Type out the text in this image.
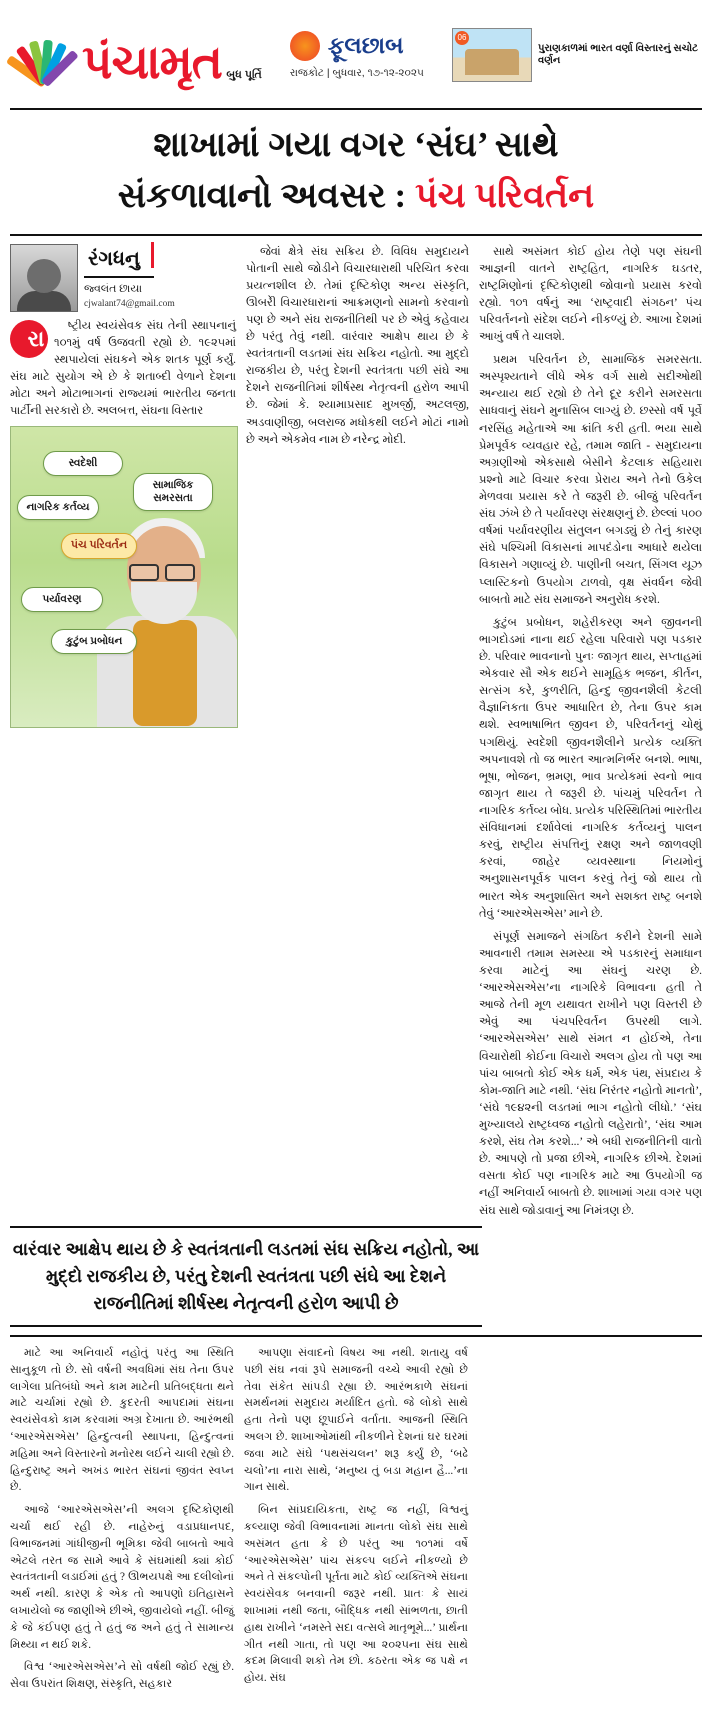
પંચામૃત બુધ પૂર્તિ
ફૂલછાબ
રાજકોટ | બુધવાર, ૧૭-૧૨-૨૦૨૫
06
પુરાણકાળમાં ભારત વર્ણા વિસ્તારનું સચોટ વર્ણન
શાખામાં ગયા વગર ‘સંઘ’ સાથે
સંકળાવાનો અવસર : પંચ પરિવર્તન
રંગધનુ
જ્વલંત છાયા
cjwalant74@gmail.com

રા	ષ્ટ્રીય સ્વયંસેવક સંઘ તેની સ્થાપનાનું ૧૦૧મું વર્ષ ઉજવતી રહ્યો છે. ૧૯૨૫માં સ્થપાયેલાં સંઘકને એક શતક પૂર્ણ કર્યું. સંઘ માટે સુયોગ એ છે કે શતાબ્દી વેળાને દેશના મોટા અને મોટાભાગનાં રાજ્યમાં ભારતીય જનતા પાર્ટીની સરકારો છે. અલબત્ત, સંઘના વિસ્તાર

સ્વદેશી
નાગરિક કર્તવ્ય
પંચ પરિવર્તન
પર્યાવરણ
કુટુંબ પ્રબોધન
સામાજિક સમરસતા

જેવાં ક્ષેત્રે સંઘ સક્રિય છે. વિવિધ સમુદાયને પોતાની સાથે જોડીને વિચારધારાથી પરિચિત કરવા પ્રયત્નશીલ છે. તેમાં દૃષ્ટિકોણ અન્ય સંસ્કૃતિ, ઊબરેી વિચારધારાનાં આક્રમણનો સામનો કરવાનો પણ છે અને સંઘ રાજનીતિથી પર છે એવું કહેવાય છે પરંતુ તેવું નથી. વારંવાર આક્ષેપ થાય છે કે સ્વતંત્રતાની લડતમાં સંઘ સક્રિય નહોતો. આ મુદ્દો રાજકીય છે, પરંતુ દેશની સ્વતંત્રતા પછી સંઘે આ દેશને રાજનીતિમાં શીર્ષસ્થ નેતૃત્વની હરોળ આપી છે. જેમાં કે. શ્યામાપ્રસાદ મુખર્જી, અટલજી, અડવાણીજી, બલરાજ મધોકથી લઈને મોટાં નામો છે અને એકમેવ નામ છે નરેન્દ્ર મોદી.

સાથે અસંમત કોઈ હોય તેણે પણ સંઘની આજ્ઞની વાતને રાષ્ટ્રહિત, નાગરિક ઘડતર, રાષ્ટ્રમિણોનાં દૃષ્ટિકોણથી જોવાનો પ્રયાસ કરવો રહ્યો. ૧૦૧ વર્ષનું આ ‘રાષ્ટ્રવાદી સંગઠન’ પંચ પરિવર્તનનો સંદેશ લઈને નીકળ્યું છે. આખા દેશમાં આખું વર્ષ તે ચાલશે.

પ્રથમ પરિવર્તન છે, સામાજિક સમરસતા. અસ્પૃશ્યતાને લીધે એક વર્ગ સાથે સદીઓથી અન્યાય થઈ રહ્યો છે તેને દૂર કરીને સમરસતા સાધવાનું સંઘને મુનાસિબ લાગ્યું છે. છસ્સો વર્ષ પૂર્વે નરસિંહ મહેતાએ આ ક્રાંતિ કરી હતી. ભયા સાથે પ્રેમપૂર્વક વ્યવહાર રહે, તમામ જાતિ - સમુદાયના અગ્રણીઓ એકસાથે બેસીને કેટલાક સહિયારા પ્રશ્નો માટે વિચાર કરવા પ્રેરાય અને તેનો ઉકેલ મેળવવા પ્રયાસ કરે તે જરૂરી છે. બીજું પરિવર્તન સંઘ ઝંખે છે તે પર્યાવરણ સંરક્ષણનું છે. છેલ્લાં ૫૦૦ વર્ષમાં પર્યાવરણીય સંતુલન બગડ્યું છે તેનું કારણ સંઘે પશ્ચિમી વિકાસનાં માપદંડોના આધારે થયેલા વિકાસને ગણાવ્યું છે. પાણીની બચત, સિંગલ યૂઝ પ્લાસ્ટિકનો ઉપયોગ ટાળવો, વૃક્ષ સંવર્ધન જેવી બાબતો માટે સંઘ સમાજને અનુરોધ કરશે.

કુટુંબ પ્રબોધન, શહેરીકરણ અને જીવનની ભાગદોડમાં નાના થઈ રહેલા પરિવારો પણ પડકાર છે. પરિવાર ભાવનાનો પુનઃ જાગૃત થાય, સપ્તાહમાં એકવાર સૌ એક થઈને સામૂહિક ભજન, કીર્તન, સત્સંગ કરે, કુળરીતિ, હિન્દુ જીવનશૈલી કેટલી વૈજ્ઞાનિકતા ઉપર આધારિત છે, તેના ઉપર કામ થશે. સ્વભાષાભિત જીવન છે, પરિવર્તનનું ચોથું પગથિયું. સ્વદેશી જીવનશૈલીને પ્રત્યેક વ્યક્તિ અપનાવશે તો જ ભારત આત્મનિર્ભર બનશે. ભાષા, ભૂષા, ભોજન, ભ્રમણ, ભાવ પ્રત્યેકમાં સ્વનો ભાવ જાગૃત થાય તે જરૂરી છે. પાંચમું પરિવર્તન તે નાગરિક કર્તવ્ય બોધ. પ્રત્યેક પરિસ્થિતિમાં ભારતીય સંવિધાનમાં દર્શાવેલાં નાગરિક કર્તવ્યનું પાલન કરવું, રાષ્ટ્રીય સંપત્તિનું રક્ષણ અને જાળવણી કરવાં, જાહેર વ્યવસ્થાના નિયમોનું અનુશાસનપૂર્વક પાલન કરવું તેનું જો થાય તો ભારત એક અનુશાસિત અને સશક્ત રાષ્ટ્ર બનશે તેવું ‘આરએસએસ’ માને છે.

સંપૂર્ણ સમાજને સંગઠિત કરીને દેશની સામે આવનારી તમામ સમસ્યા એ પડકારનું સમાધાન કરવા માટેનું આ સંઘનું ચરણ છે. ‘આરએસએસ’ના નાગરિકે વિભાવના હતી તે આજે તેની મૂળ યથાવત રાખીને પણ વિસ્તરી છે એવું આ પંચપરિવર્તન ઉપરથી લાગે. ‘આરએસએસ’ સાથે સંમત ન હોઈએ, તેના વિચારોથી કોઈના વિચારો અલગ હોય તો પણ આ પાંચ બાબતો કોઈ એક ધર્મ, એક પંથ, સંપ્રદાય કે કોમ-જાતિ માટે નથી. ‘સંઘ નિરંતર નહોતો માનતો’, ‘સંઘે ૧૯૪૨ની લડતમાં ભાગ નહોતો લીધો.’ ‘સંઘ મુખ્યાલયે રાષ્ટ્રધ્વજ નહોતો લહેરાતો’, ‘સંઘ આમ કરશે, સંઘ તેમ કરશે...’ એ બધી રાજનીતિની વાતો છે. આપણે તો પ્રજા છીએ, નાગરિક છીએ. દેશમાં વસતા કોઈ પણ નાગરિક માટે આ ઉપયોગી જ નહીં અનિવાર્ય બાબતો છે. શાખામાં ગયા વગર પણ સંઘ સાથે જોડાવાનું આ નિમંત્રણ છે.

વારંવાર આક્ષેપ થાય છે કે સ્વતંત્રતાની લડતમાં સંઘ સક્રિય નહોતો, આ મુદ્દો રાજકીય છે, પરંતુ દેશની સ્વતંત્રતા પછી સંઘે આ દેશને રાજનીતિમાં શીર્ષસ્થ નેતૃત્વની હરોળ આપી છે

માટે આ અનિવાર્ય નહોતું પરંતુ આ સ્થિતિ સાનુકૂળ તો છે. સો વર્ષની અવધિમાં સંઘ તેના ઉપર લાગેલા પ્રતિબંધો અને કામ માટેની પ્રતિબદ્ધતા થને માટે ચર્ચામાં રહ્યો છે. કુદરતી આપદામાં સંઘના સ્વયંસેવકો કામ કરવામાં અગ્ર દેખાતા છે. આરંભથી ‘આરએસએસ’ હિન્દુત્વની સ્થાપના, હિન્દુત્વનાં મહિમા અને વિસ્તારનો મનોરથ લઈને ચાલી રહ્યો છે. હિન્દુરાષ્ટ્ર અને અખંડ ભારત સંઘનાં જીવંત સ્વપ્ન છે.

આજે ‘આરએસએસ’ની અલગ દૃષ્ટિકોણથી ચર્ચા થઈ રહી છે. નાહેરુનું વડાપ્રધાનપદ, વિભાજનમાં ગાંધીજીની ભૂમિકા જેવી બાબતો આવે એટલે તરત જ સામે આવે કે સંઘમાંથી ક્યાં કોઈ સ્વતંત્રતાની લડાઈમાં હતું ? ઊભયપક્ષે આ દલીલોનાં અર્થ નથી. કારણ કે એક તો આપણો ઇતિહાસને લખાયેલો જ જાણીએ છીએ, જીવાયેલો નહીં. બીજું કે જે કંઈપણ હતું તે હતું જ અને હતું તે સામાન્ય મિથ્યા ન થઈ શકે.

વિશ્વ ‘આરએસએસ’ને સો વર્ષથી જોઈ રહ્યું છે. સેવા ઉપરાંત શિક્ષણ, સંસ્કૃતિ, સહકાર

આપણા સંવાદનો વિષય આ નથી. શતાયુ વર્ષ પછી સંઘ નવાં રૂપે સમાજની વચ્ચે આવી રહ્યો છે તેવા સંકેત સાંપડી રહ્યા છે. આરંભકાળે સંઘનાં સમર્થનમાં સમુદાય મર્યાદિત હતો. જે લોકો સાથે હતા તેનો પણ છૂપાઈને વર્તાતા. આજની સ્થિતિ અલગ છે. શાખાઓમાંથી નીકળીને દેશનાં ઘર ઘરમાં જવા માટે સંઘે ‘પથસંચલન’ શરૂ કર્યું છે, ‘બઢે ચલો’ના નારા સાથે, ‘મનુષ્ય તું બડા મહાન હૈ...’ના ગાન સાથે.

બિન સાંપ્રદાયિકતા, રાષ્ટ્ર જ નહીં, વિશ્વનું કલ્યાણ જેવી વિભાવનામાં માનતા લોકો સંઘ સાથે અસંમત હતા કે છે પરંતુ આ ૧૦૧માં વર્ષે ‘આરએસએસ’ પાંચ સંકલ્પ લઈને નીકળ્યો છે અને તે સંકલ્પોની પૂર્તતા માટે કોઈ વ્યક્તિએ સંઘના સ્વયંસેવક બનવાની જરૂર નથી. પ્રાતઃ કે સાયં શાખામાં નથી જતા, બૌદ્ધિક નથી સાંભળતા, છાતી હાથ રાખીને ‘નમસ્તે સદા વત્સલે માતૃભૂમે...’ પ્રાર્થના ગીત નથી ગાતા, તો પણ આ ૨૦૨૫ના સંઘ સાથે કદમ મિલાવી શકો તેમ છો. કઠરતા એક જ પક્ષે ન હોય. સંઘ
